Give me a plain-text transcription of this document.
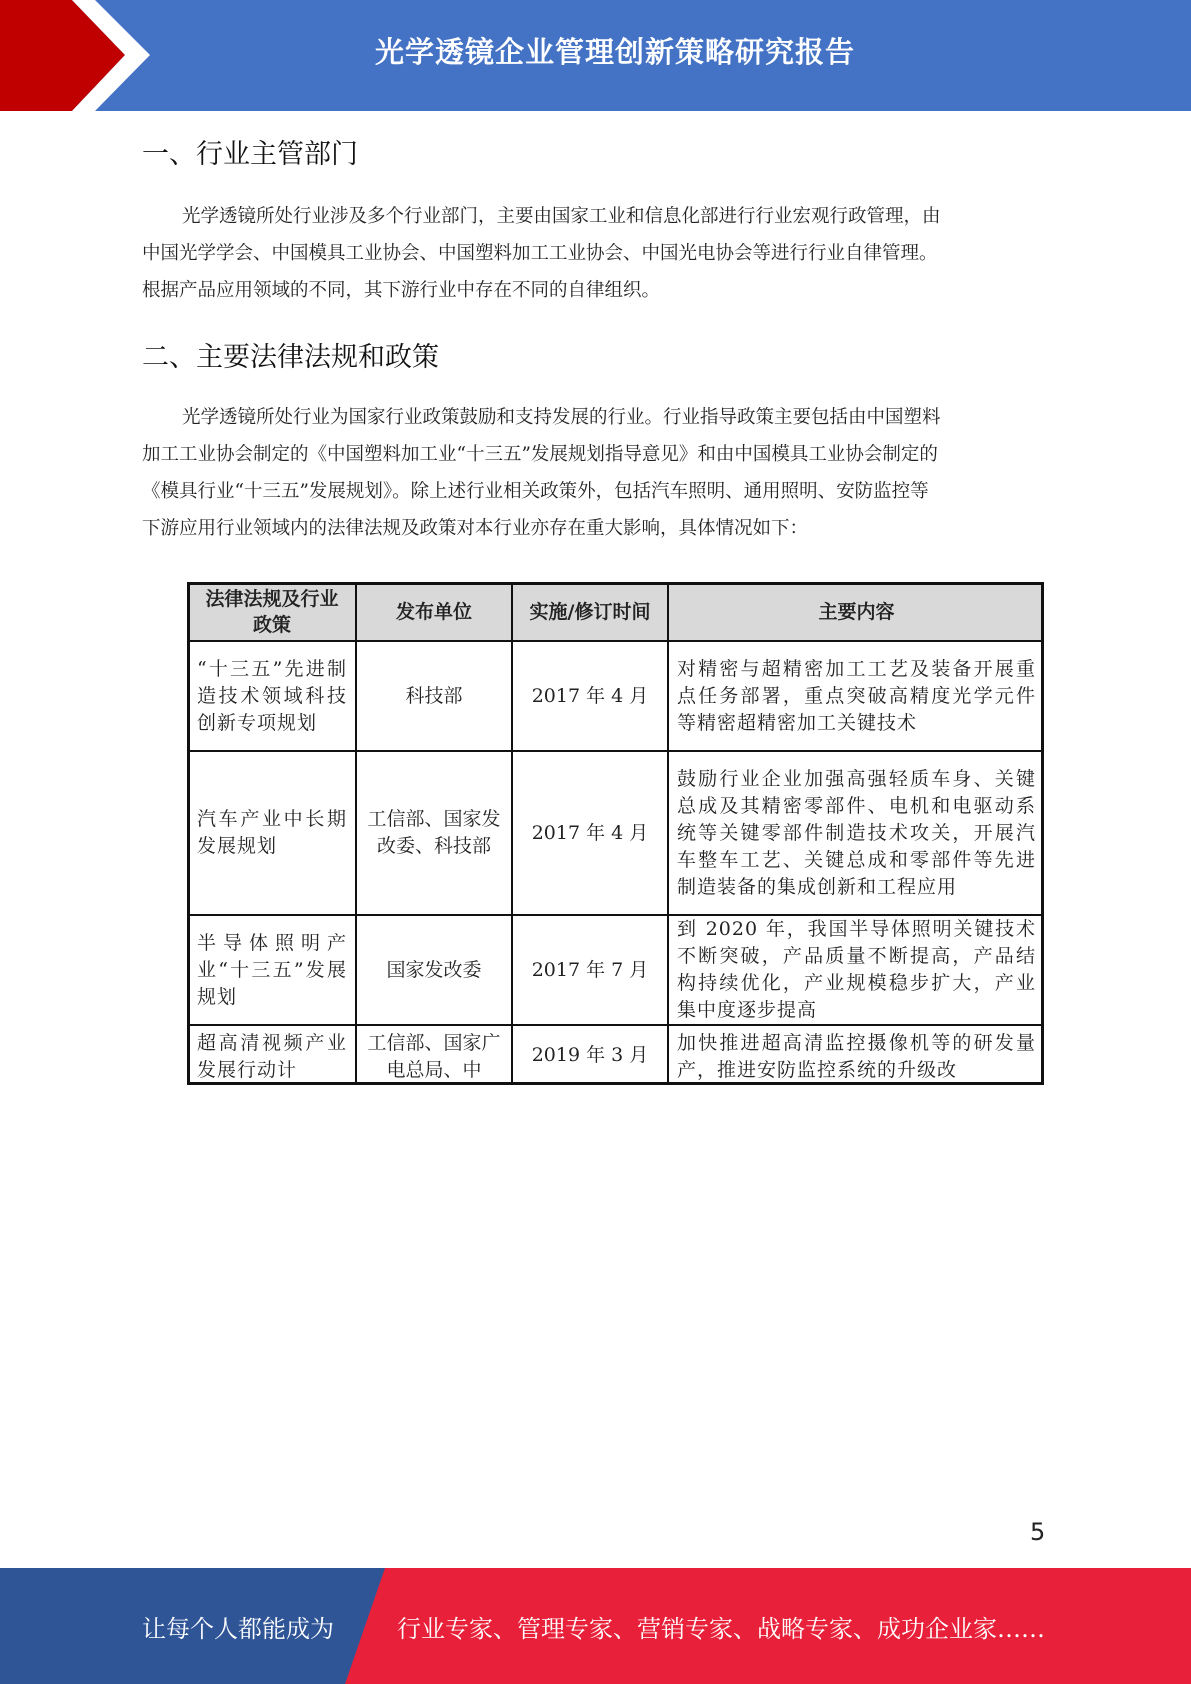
光学透镜企业管理创新策略研究报告
一、行业主管部门
光学透镜所处行业涉及多个行业部门，主要由国家工业和信息化部进行行业宏观行政管理，由
中国光学学会、中国模具工业协会、中国塑料加工工业协会、中国光电协会等进行行业自律管理。
根据产品应用领域的不同，其下游行业中存在不同的自律组织。
二、主要法律法规和政策
光学透镜所处行业为国家行业政策鼓励和支持发展的行业。行业指导政策主要包括由中国塑料
加工工业协会制定的《中国塑料加工业“十三五”发展规划指导意见》和由中国模具工业协会制定的
《模具行业“十三五”发展规划》。除上述行业相关政策外，包括汽车照明、通用照明、安防监控等
下游应用行业领域内的法律法规及政策对本行业亦存在重大影响，具体情况如下：
法律法规及行业政策	发布单位	实施/修订时间	主要内容
“十三五”先进制造技术领域科技创新专项规划	科技部	2017 年 4 月	对精密与超精密加工工艺及装备开展重点任务部署，重点突破高精度光学元件等精密超精密加工关键技术
汽车产业中长期发展规划	工信部、国家发改委、科技部	2017 年 4 月	鼓励行业企业加强高强轻质车身、关键总成及其精密零部件、电机和电驱动系统等关键零部件制造技术攻关，开展汽车整车工艺、关键总成和零部件等先进制造装备的集成创新和工程应用
半导体照明产业“十三五”发展规划	国家发改委	2017 年 7 月	到 2020 年，我国半导体照明关键技术不断突破，产品质量不断提高，产品结构持续优化，产业规模稳步扩大，产业集中度逐步提高
超高清视频产业发展行动计	工信部、国家广电总局、中	2019 年 3 月	加快推进超高清监控摄像机等的研发量产，推进安防监控系统的升级改
5
让每个人都能成为	行业专家、管理专家、营销专家、战略专家、成功企业家……
